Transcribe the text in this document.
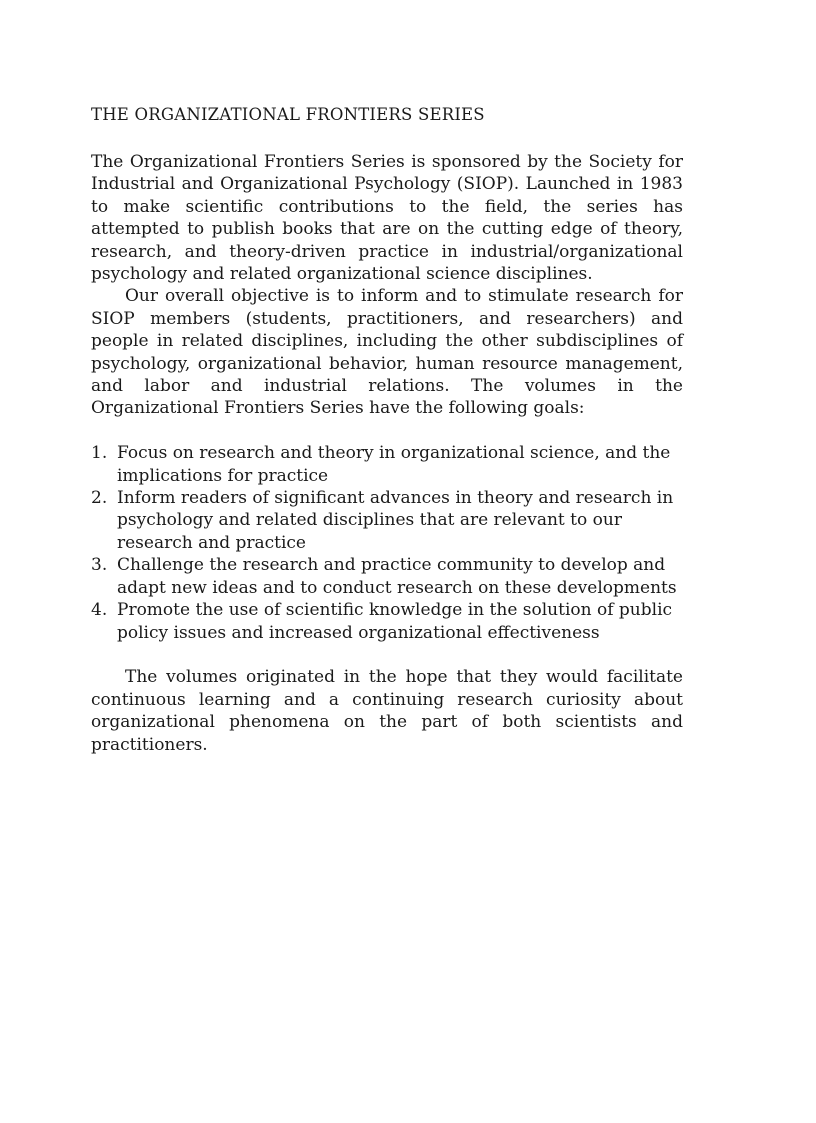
THE ORGANIZATIONAL FRONTIERS SERIES

The Organizational Frontiers Series is sponsored by the Society for Industrial and Organizational Psychology (SIOP). Launched in 1983 to make scientific contributions to the field, the series has attempted to publish books that are on the cutting edge of theory, research, and theory-driven practice in industrial/organizational psychology and related organizational science disciplines.

Our overall objective is to inform and to stimulate research for SIOP members (students, practitioners, and researchers) and people in related disciplines, including the other subdisciplines of psychology, organizational behavior, human resource management, and labor and industrial relations. The volumes in the Organizational Frontiers Series have the following goals:

1. Focus on research and theory in organizational science, and the implications for practice
2. Inform readers of significant advances in theory and research in psychology and related disciplines that are relevant to our research and practice
3. Challenge the research and practice community to develop and adapt new ideas and to conduct research on these developments
4. Promote the use of scientific knowledge in the solution of public policy issues and increased organizational effectiveness

The volumes originated in the hope that they would facilitate continuous learning and a continuing research curiosity about organizational phenomena on the part of both scientists and practitioners.
